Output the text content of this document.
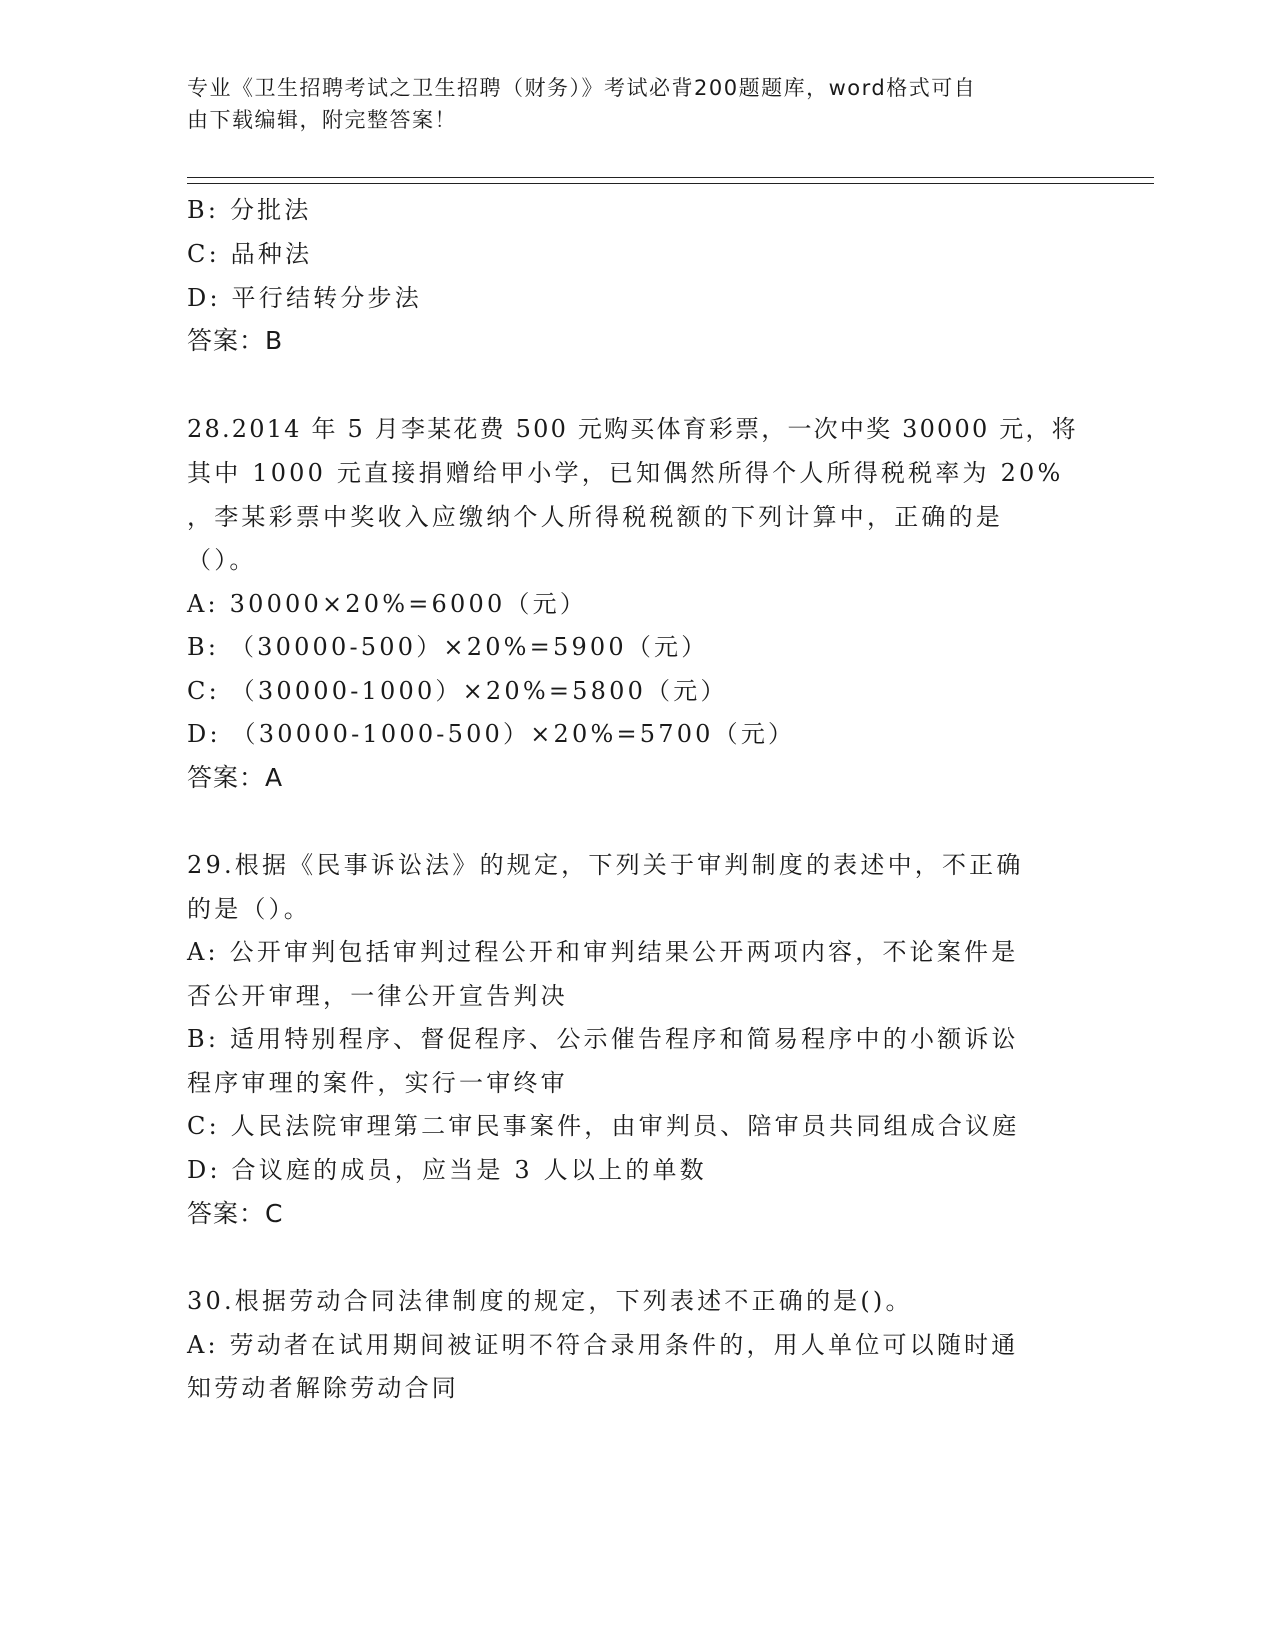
专业《卫生招聘考试之卫生招聘（财务）》考试必背200题题库，word格式可自
由下载编辑，附完整答案！
B: 分批法
C: 品种法
D: 平行结转分步法
答案：B
28.2014 年 5 月李某花费 500 元购买体育彩票，一次中奖 30000 元，将
其中 1000 元直接捐赠给甲小学，已知偶然所得个人所得税税率为 20%
，李某彩票中奖收入应缴纳个人所得税税额的下列计算中，正确的是
（）。
A: 30000×20%=6000（元）
B: （30000-500）×20%=5900（元）
C: （30000-1000）×20%=5800（元）
D: （30000-1000-500）×20%=5700（元）
答案：A
29.根据《民事诉讼法》的规定，下列关于审判制度的表述中，不正确
的是（）。
A: 公开审判包括审判过程公开和审判结果公开两项内容，不论案件是
否公开审理，一律公开宣告判决
B: 适用特别程序、督促程序、公示催告程序和简易程序中的小额诉讼
程序审理的案件，实行一审终审
C: 人民法院审理第二审民事案件，由审判员、陪审员共同组成合议庭
D: 合议庭的成员，应当是 3 人以上的单数
答案：C
30.根据劳动合同法律制度的规定，下列表述不正确的是()。
A: 劳动者在试用期间被证明不符合录用条件的，用人单位可以随时通
知劳动者解除劳动合同
